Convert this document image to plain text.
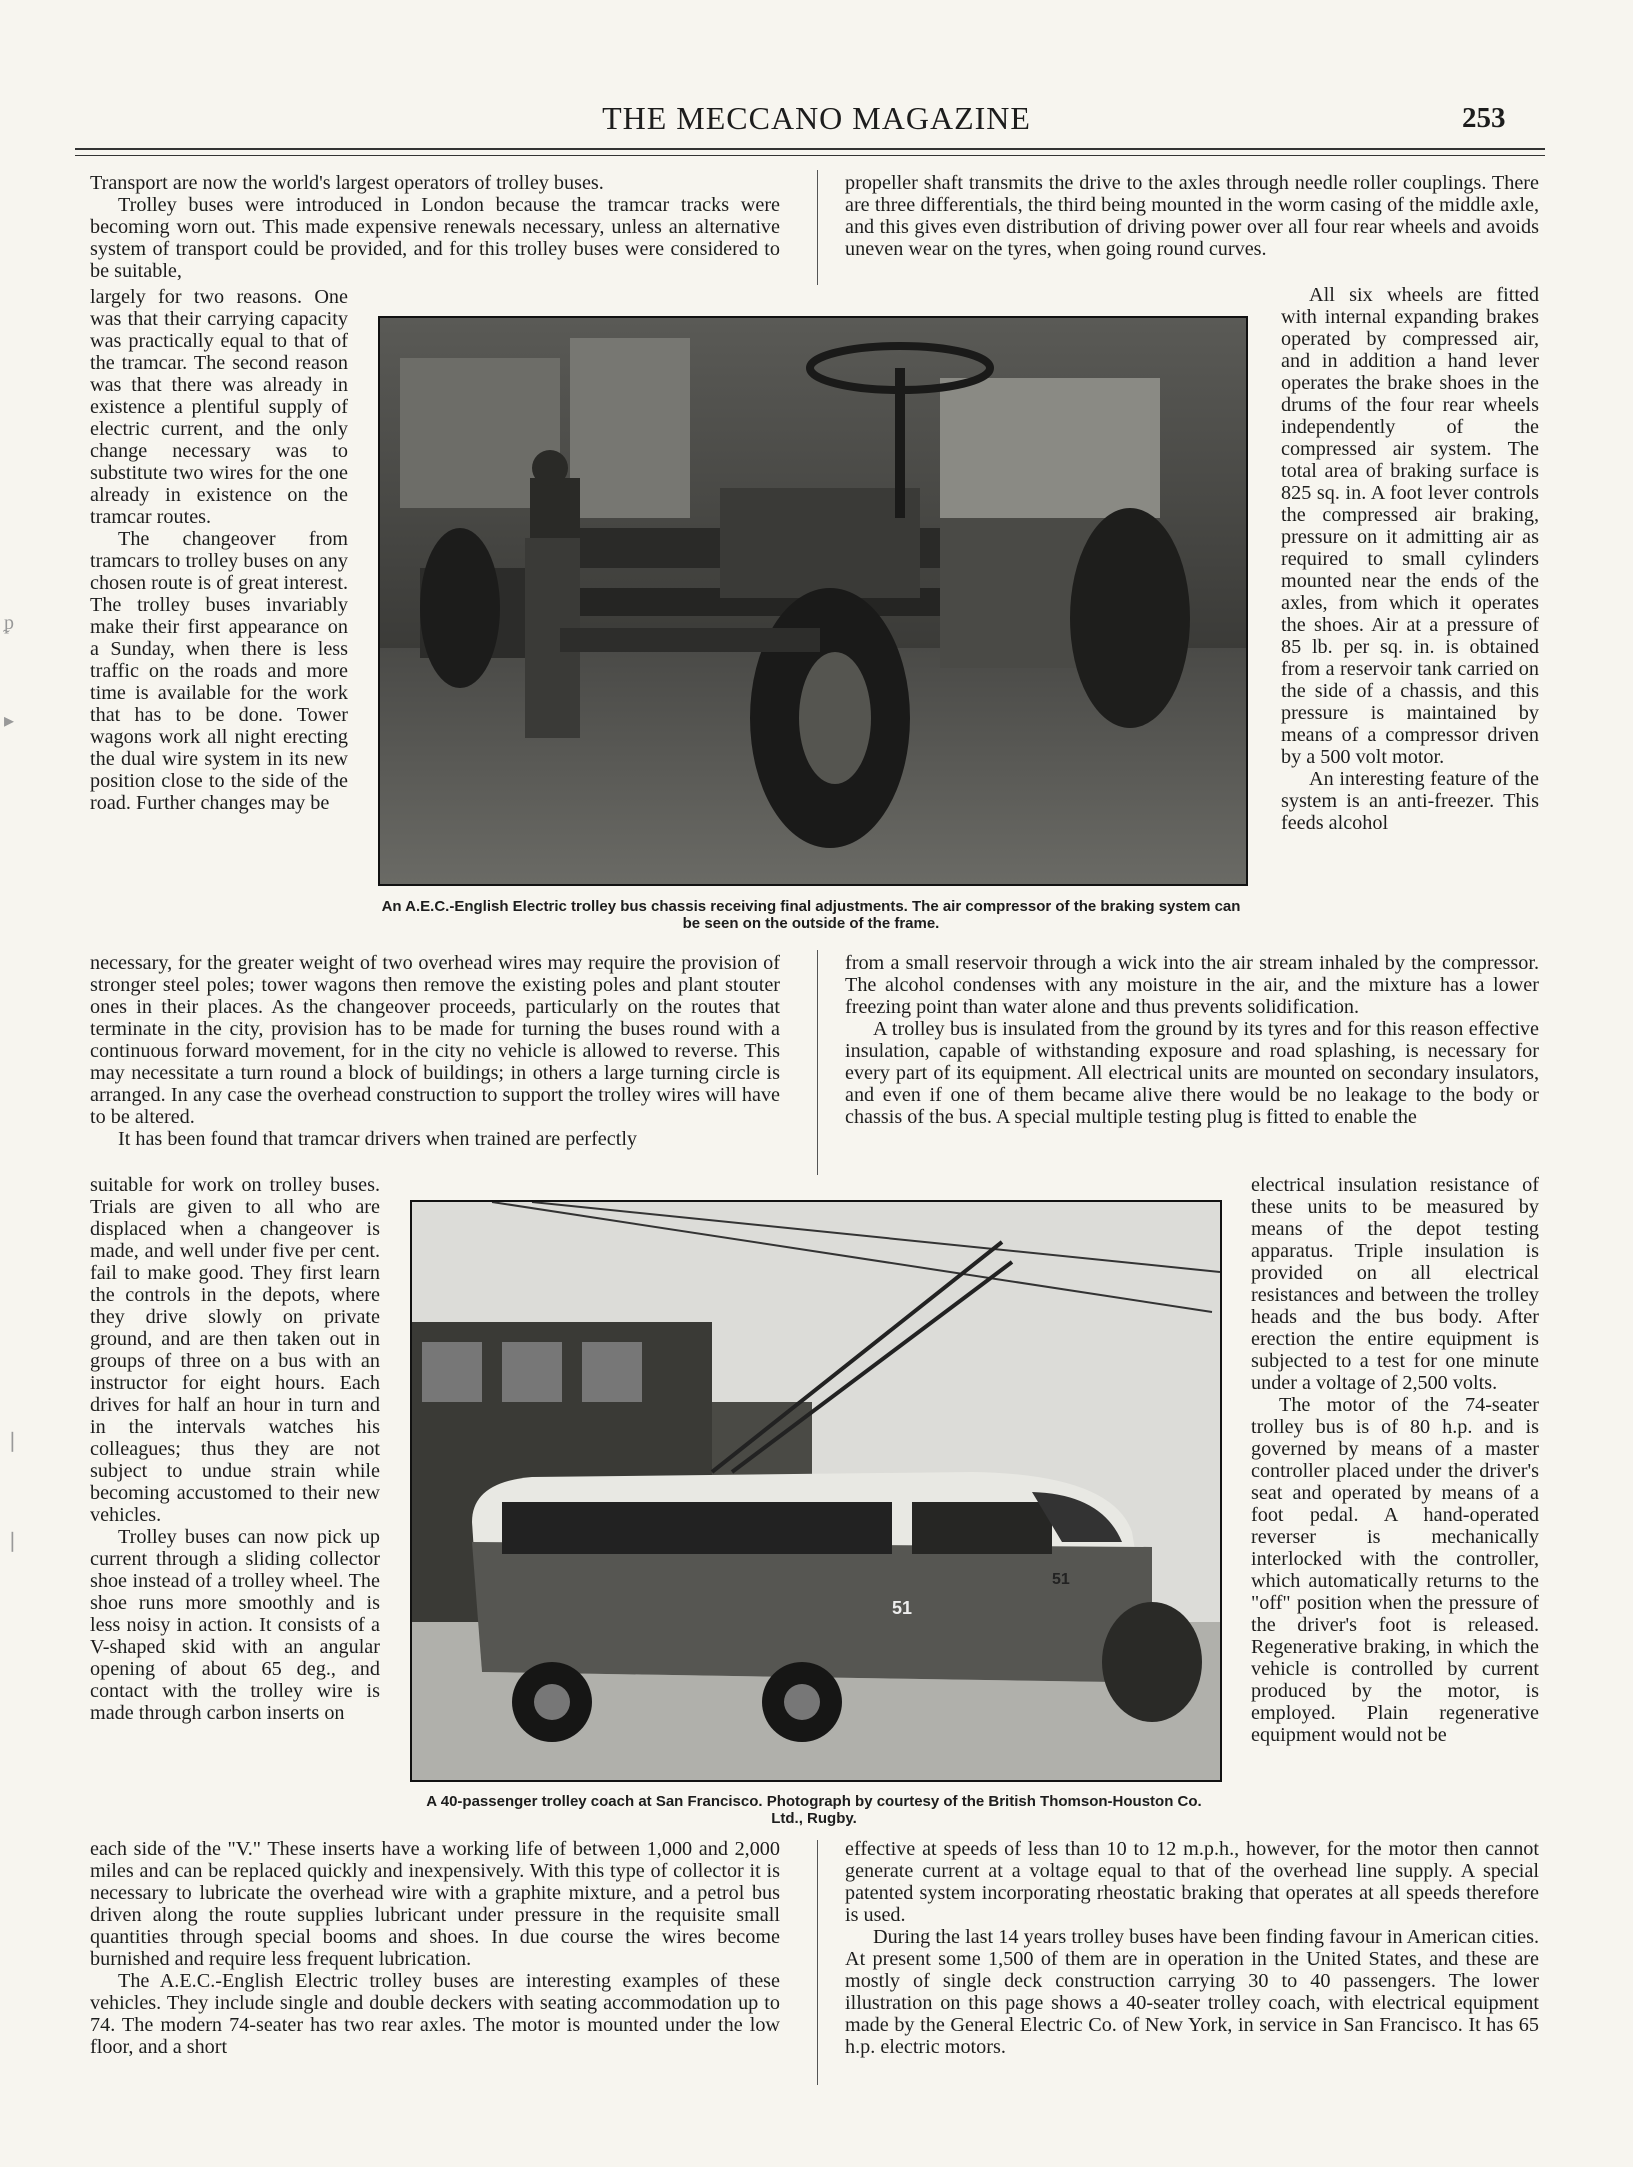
ᵱ
▸
❘
❘
THE MECCANO MAGAZINE	253

Transport are now the world's largest operators of trolley buses.

Trolley buses were introduced in London because the tramcar tracks were becoming worn out. This made expensive renewals necessary, unless an alternative system of transport could be provided, and for this trolley buses were considered to be suitable,

largely for two reasons. One was that their carrying capacity was practically equal to that of the tramcar. The second reason was that there was already in existence a plentiful supply of electric current, and the only change necessary was to substitute two wires for the one already in existence on the tramcar routes.

The changeover from tramcars to trolley buses on any chosen route is of great interest. The trolley buses invariably make their first appearance on a Sunday, when there is less traffic on the roads and more time is available for the work that has to be done. Tower wagons work all night erecting the dual wire system in its new position close to the side of the road. Further changes may be

necessary, for the greater weight of two overhead wires may require the provision of stronger steel poles; tower wagons then remove the existing poles and plant stouter ones in their places. As the changeover proceeds, particularly on the routes that terminate in the city, provision has to be made for turning the buses round with a continuous forward movement, for in the city no vehicle is allowed to reverse. This may necessitate a turn round a block of buildings; in others a large turning circle is arranged. In any case the overhead construction to support the trolley wires will have to be altered.

It has been found that tramcar drivers when trained are perfectly

suitable for work on trolley buses. Trials are given to all who are displaced when a changeover is made, and well under five per cent. fail to make good. They first learn the controls in the depots, where they drive slowly on private ground, and are then taken out in groups of three on a bus with an instructor for eight hours. Each drives for half an hour in turn and in the intervals watches his colleagues; thus they are not subject to undue strain while becoming accustomed to their new vehicles.

Trolley buses can now pick up current through a sliding collector shoe instead of a trolley wheel. The shoe runs more smoothly and is less noisy in action. It consists of a V-shaped skid with an angular opening of about 65 deg., and contact with the trolley wire is made through carbon inserts on

each side of the "V." These inserts have a working life of between 1,000 and 2,000 miles and can be replaced quickly and inexpensively. With this type of collector it is necessary to lubricate the overhead wire with a graphite mixture, and a petrol bus driven along the route supplies lubricant under pressure in the requisite small quantities through special booms and shoes. In due course the wires become burnished and require less frequent lubrication.

The A.E.C.-English Electric trolley buses are interesting examples of these vehicles. They include single and double deckers with seating accommodation up to 74. The modern 74-seater has two rear axles. The motor is mounted under the low floor, and a short

propeller shaft transmits the drive to the axles through needle roller couplings. There are three differentials, the third being mounted in the worm casing of the middle axle, and this gives even distribution of driving power over all four rear wheels and avoids uneven wear on the tyres, when going round curves.

All six wheels are fitted with internal expanding brakes operated by compressed air, and in addition a hand lever operates the brake shoes in the drums of the four rear wheels independently of the compressed air system. The total area of braking surface is 825 sq. in. A foot lever controls the compressed air braking, pressure on it admitting air as required to small cylinders mounted near the ends of the axles, from which it operates the shoes. Air at a pressure of 85 lb. per sq. in. is obtained from a reservoir tank carried on the side of a chassis, and this pressure is maintained by means of a compressor driven by a 500 volt motor.

An interesting feature of the system is an anti-freezer. This feeds alcohol

from a small reservoir through a wick into the air stream inhaled by the compressor. The alcohol condenses with any moisture in the air, and the mixture has a lower freezing point than water alone and thus prevents solidification.

A trolley bus is insulated from the ground by its tyres and for this reason effective insulation, capable of withstanding exposure and road splashing, is necessary for every part of its equipment. All electrical units are mounted on secondary insulators, and even if one of them became alive there would be no leakage to the body or chassis of the bus. A special multiple testing plug is fitted to enable the

electrical insulation resistance of these units to be measured by means of the depot testing apparatus. Triple insulation is provided on all electrical resistances and between the trolley heads and the bus body. After erection the entire equipment is subjected to a test for one minute under a voltage of 2,500 volts.

The motor of the 74-seater trolley bus is of 80 h.p. and is governed by means of a master controller placed under the driver's seat and operated by means of a foot pedal. A hand-operated reverser is mechanically interlocked with the controller, which automatically returns to the "off" position when the pressure of the driver's foot is released. Regenerative braking, in which the vehicle is controlled by current produced by the motor, is employed. Plain regenerative equipment would not be

effective at speeds of less than 10 to 12 m.p.h., however, for the motor then cannot generate current at a voltage equal to that of the overhead line supply. A special patented system incorporating rheostatic braking that operates at all speeds therefore is used.

During the last 14 years trolley buses have been finding favour in American cities. At present some 1,500 of them are in operation in the United States, and these are mostly of single deck construction carrying 30 to 40 passengers. The lower illustration on this page shows a 40-seater trolley coach, with electrical equipment made by the General Electric Co. of New York, in service in San Francisco. It has 65 h.p. electric motors.

An A.E.C.-English Electric trolley bus chassis receiving final adjustments. The air compressor of the braking system can be seen on the outside of the frame.
51
51
A 40-passenger trolley coach at San Francisco. Photograph by courtesy of the British Thomson-Houston Co. Ltd., Rugby.
